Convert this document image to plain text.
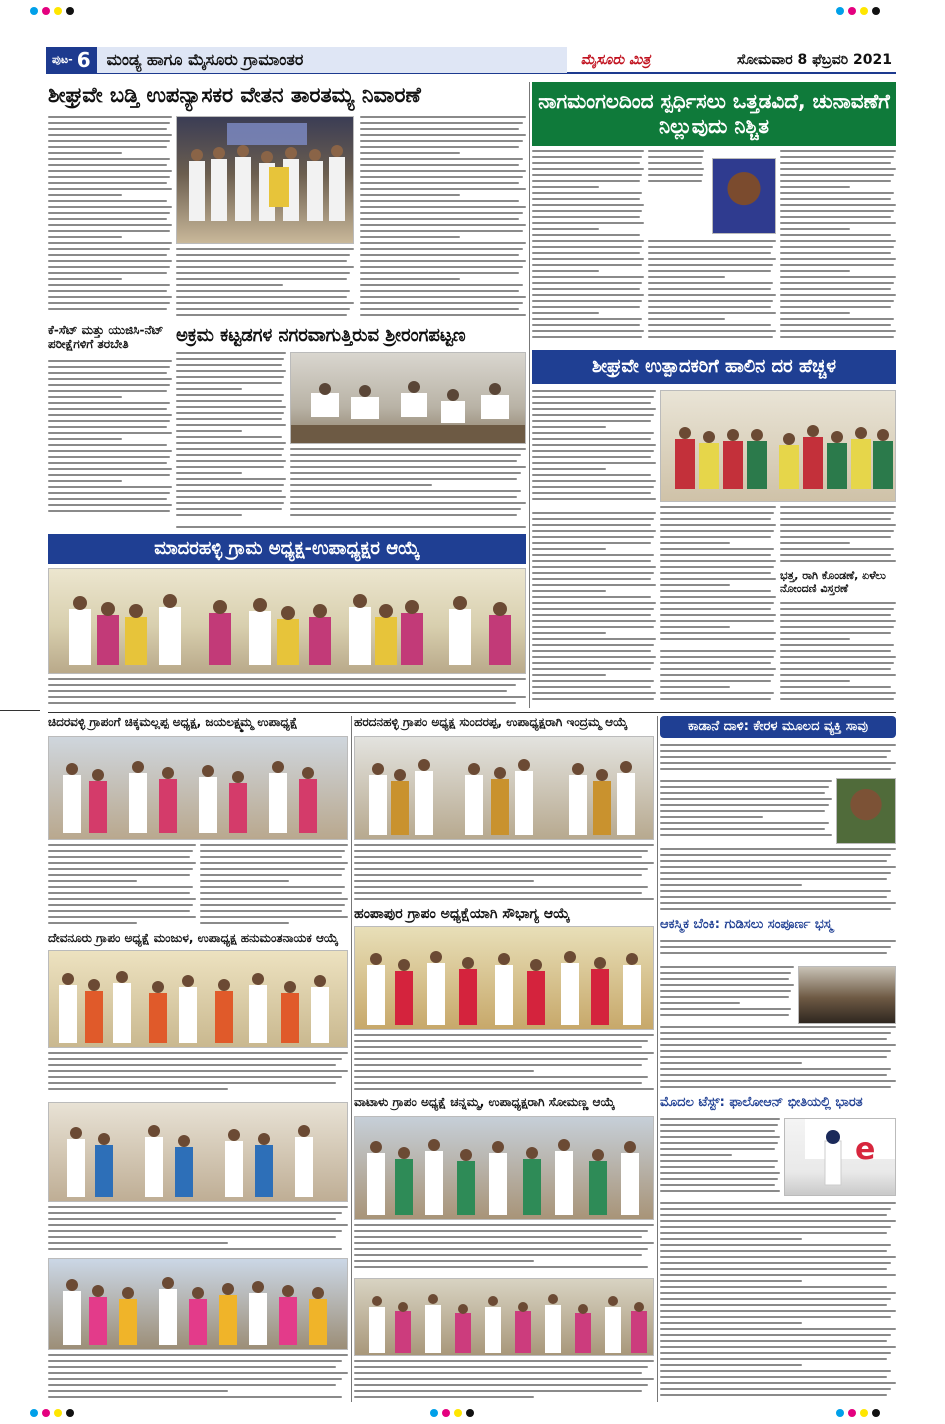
ಪುಟ- 6	ಮಂಡ್ಯ ಹಾಗೂ ಮೈಸೂರು ಗ್ರಾಮಾಂತರ	ಮೈಸೂರು ಮಿತ್ರ	ಸೋಮವಾರ 8 ಫೆಬ್ರವರಿ 2021
ಶೀಘ್ರವೇ ಬಡ್ತಿ ಉಪನ್ಯಾಸಕರ ವೇತನ ತಾರತಮ್ಯ ನಿವಾರಣೆ	ನಾಗಮಂಗಲದಿಂದ ಸ್ಪರ್ಧಿಸಲು ಒತ್ತಡವಿದೆ, ಚುನಾವಣೆಗೆ ನಿಲ್ಲುವುದು ನಿಶ್ಚಿತ
ಕೆ-ಸೆಟ್ ಮತ್ತು ಯುಜಿಸಿ-ನೆಟ್ ಪರೀಕ್ಷೆಗಳಿಗೆ ತರಬೇತಿ	ಅಕ್ರಮ ಕಟ್ಟಡಗಳ ನಗರವಾಗುತ್ತಿರುವ ಶ್ರೀರಂಗಪಟ್ಟಣ
ಶೀಘ್ರವೇ ಉತ್ಪಾದಕರಿಗೆ ಹಾಲಿನ ದರ ಹೆಚ್ಚಳ
ಭತ್ತ, ರಾಗಿ ಕೊಂಡಣೆ, ಏಳೆಲು ನೋಂದಣಿ ವಿಸ್ತರಣೆ
ಮಾದರಹಳ್ಳಿ ಗ್ರಾಮ ಅಧ್ಯಕ್ಷ-ಉಪಾಧ್ಯಕ್ಷರ ಆಯ್ಕೆ
ಚಿದರವಳ್ಳಿ ಗ್ರಾಪಂಗೆ ಚಿಕ್ಕಮಲ್ಲಪ್ಪ ಅಧ್ಯಕ್ಷ, ಜಯಲಕ್ಷ್ಮಮ್ಮ ಉಪಾಧ್ಯಕ್ಷೆ
ದೇವನೂರು ಗ್ರಾಪಂ ಅಧ್ಯಕ್ಷೆ ಮಂಜುಳ, ಉಪಾಧ್ಯಕ್ಷ ಹನುಮಂತನಾಯಕ ಆಯ್ಕೆ
ಹರದನಹಳ್ಳಿ ಗ್ರಾಪಂ ಅಧ್ಯಕ್ಷ ಸುಂದರಪ್ಪ, ಉಪಾಧ್ಯಕ್ಷರಾಗಿ ಇಂದ್ರಮ್ಮ ಆಯ್ಕೆ
ಹಂಪಾಪುರ ಗ್ರಾಪಂ ಅಧ್ಯಕ್ಷೆಯಾಗಿ ಸೌಭಾಗ್ಯ ಆಯ್ಕೆ
ವಾಟಾಳು ಗ್ರಾಪಂ ಅಧ್ಯಕ್ಷೆ ಚನ್ನಮ್ಮ, ಉಪಾಧ್ಯಕ್ಷರಾಗಿ ಸೋಮಣ್ಣ ಆಯ್ಕೆ
ಕಾಡಾನೆ ದಾಳಿ: ಕೇರಳ ಮೂಲದ ವ್ಯಕ್ತಿ ಸಾವು
ಆಕಸ್ಮಿಕ ಬೆಂಕಿ: ಗುಡಿಸಲು ಸಂಪೂರ್ಣ ಭಸ್ಮ
ಮೊದಲ ಟೆಸ್ಟ್: ಫಾಲೋಆನ್ ಭೀತಿಯಲ್ಲಿ ಭಾರತ
e
